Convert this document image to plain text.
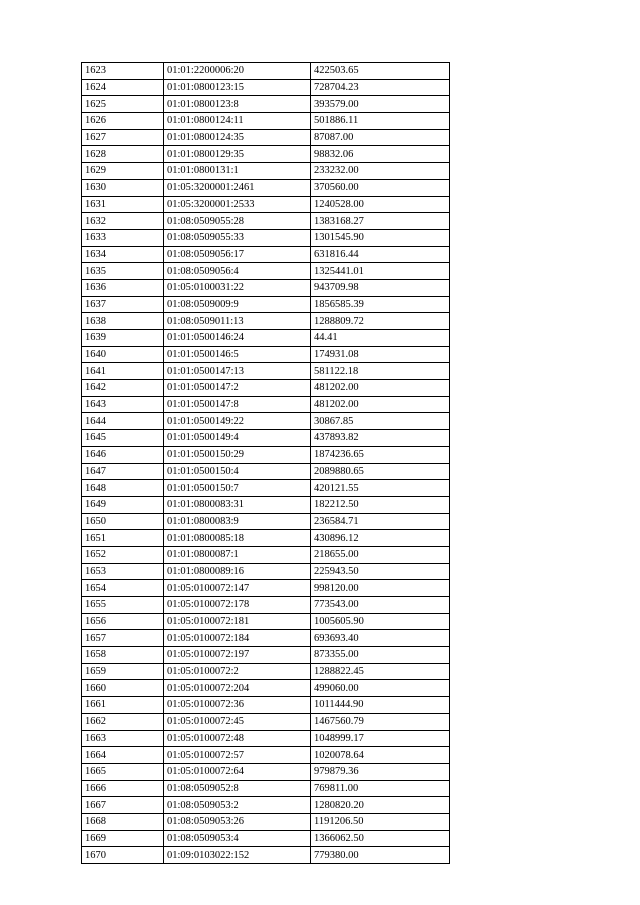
1623	01:01:2200006:20	422503.65
1624	01:01:0800123:15	728704.23
1625	01:01:0800123:8	393579.00
1626	01:01:0800124:11	501886.11
1627	01:01:0800124:35	87087.00
1628	01:01:0800129:35	98832.06
1629	01:01:0800131:1	233232.00
1630	01:05:3200001:2461	370560.00
1631	01:05:3200001:2533	1240528.00
1632	01:08:0509055:28	1383168.27
1633	01:08:0509055:33	1301545.90
1634	01:08:0509056:17	631816.44
1635	01:08:0509056:4	1325441.01
1636	01:05:0100031:22	943709.98
1637	01:08:0509009:9	1856585.39
1638	01:08:0509011:13	1288809.72
1639	01:01:0500146:24	44.41
1640	01:01:0500146:5	174931.08
1641	01:01:0500147:13	581122.18
1642	01:01:0500147:2	481202.00
1643	01:01:0500147:8	481202.00
1644	01:01:0500149:22	30867.85
1645	01:01:0500149:4	437893.82
1646	01:01:0500150:29	1874236.65
1647	01:01:0500150:4	2089880.65
1648	01:01:0500150:7	420121.55
1649	01:01:0800083:31	182212.50
1650	01:01:0800083:9	236584.71
1651	01:01:0800085:18	430896.12
1652	01:01:0800087:1	218655.00
1653	01:01:0800089:16	225943.50
1654	01:05:0100072:147	998120.00
1655	01:05:0100072:178	773543.00
1656	01:05:0100072:181	1005605.90
1657	01:05:0100072:184	693693.40
1658	01:05:0100072:197	873355.00
1659	01:05:0100072:2	1288822.45
1660	01:05:0100072:204	499060.00
1661	01:05:0100072:36	1011444.90
1662	01:05:0100072:45	1467560.79
1663	01:05:0100072:48	1048999.17
1664	01:05:0100072:57	1020078.64
1665	01:05:0100072:64	979879.36
1666	01:08:0509052:8	769811.00
1667	01:08:0509053:2	1280820.20
1668	01:08:0509053:26	1191206.50
1669	01:08:0509053:4	1366062.50
1670	01:09:0103022:152	779380.00
